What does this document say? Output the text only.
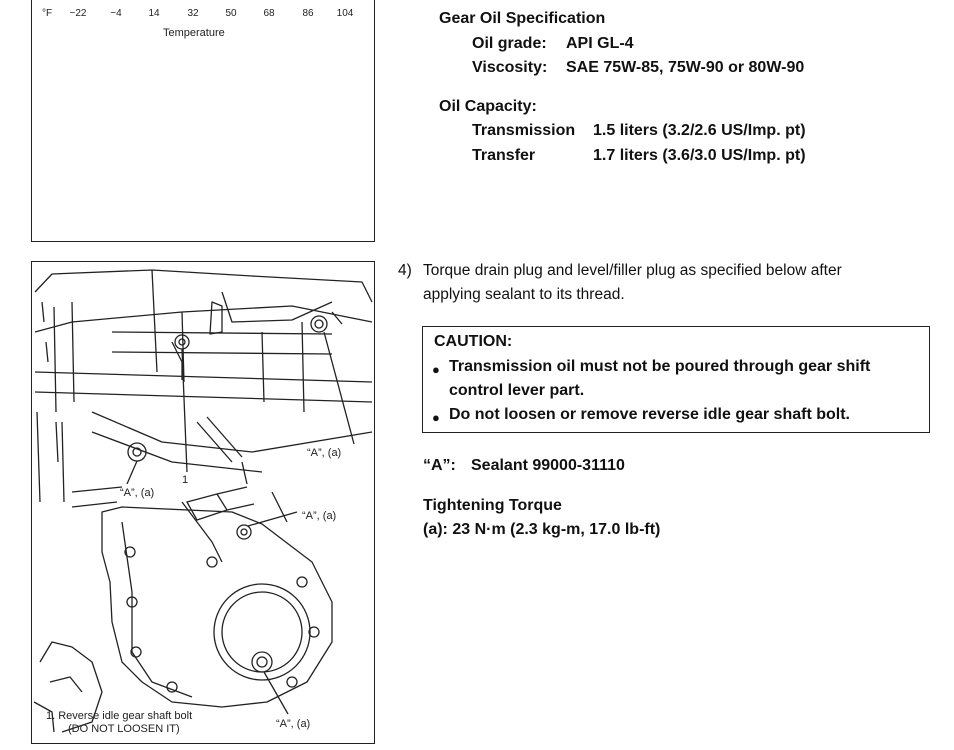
°F −22 −4	14	32	50	68	86 104
Temperature
Gear Oil Specification
Oil grade: API GL-4
Viscosity: SAE 75W-85, 75W-90 or 80W-90
Oil Capacity:
Transmission 1.5 liters (3.2/2.6 US/Imp. pt)
Transfer	1.7 liters (3.6/3.0 US/Imp. pt)
4) Torque drain plug and level/filler plug as specified below after
applying sealant to its thread.
CAUTION:
● Transmission oil must not be poured through gear shift
control lever part.
● Do not loosen or remove reverse idle gear shaft bolt.
“A”: Sealant 99000-31110
Tightening Torque
(a): 23 N·m (2.3 kg-m, 17.0 lb-ft)
“A”, (a)
1
“A”, (a)
“A”, (a)
“A”, (a)
1. Reverse idle gear shaft bolt
(DO NOT LOOSEN IT)
